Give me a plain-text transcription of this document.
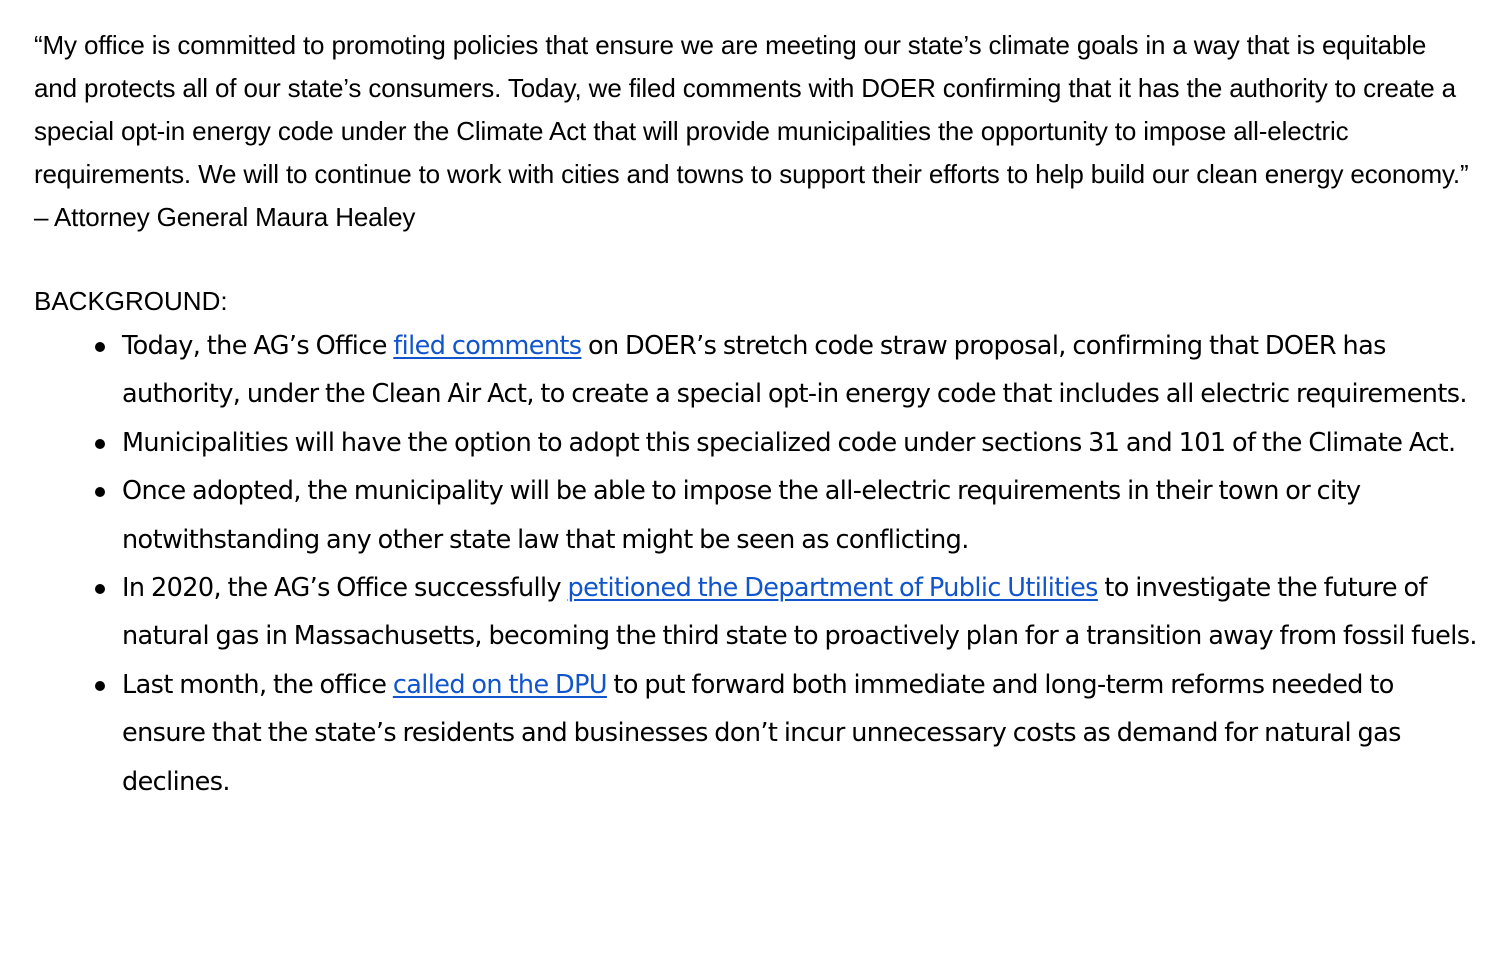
“My office is committed to promoting policies that ensure we are meeting our state’s climate goals in a way that is equitable and protects all of our state’s consumers. Today, we filed comments with DOER confirming that it has the authority to create a special opt-in energy code under the Climate Act that will provide municipalities the opportunity to impose all-electric requirements. We will to continue to work with cities and towns to support their efforts to help build our clean energy economy.” – Attorney General Maura Healey

BACKGROUND:

Today, the AG’s Office filed comments on DOER’s stretch code straw proposal, confirming that DOER has authority, under the Clean Air Act, to create a special opt-in energy code that includes all electric requirements.
Municipalities will have the option to adopt this specialized code under sections 31 and 101 of the Climate Act.
Once adopted, the municipality will be able to impose the all-electric requirements in their town or city notwithstanding any other state law that might be seen as conflicting.
In 2020, the AG’s Office successfully petitioned the Department of Public Utilities to investigate the future of natural gas in Massachusetts, becoming the third state to proactively plan for a transition away from fossil fuels.
Last month, the office called on the DPU to put forward both immediate and long-term reforms needed to ensure that the state’s residents and businesses don’t incur unnecessary costs as demand for natural gas declines.
